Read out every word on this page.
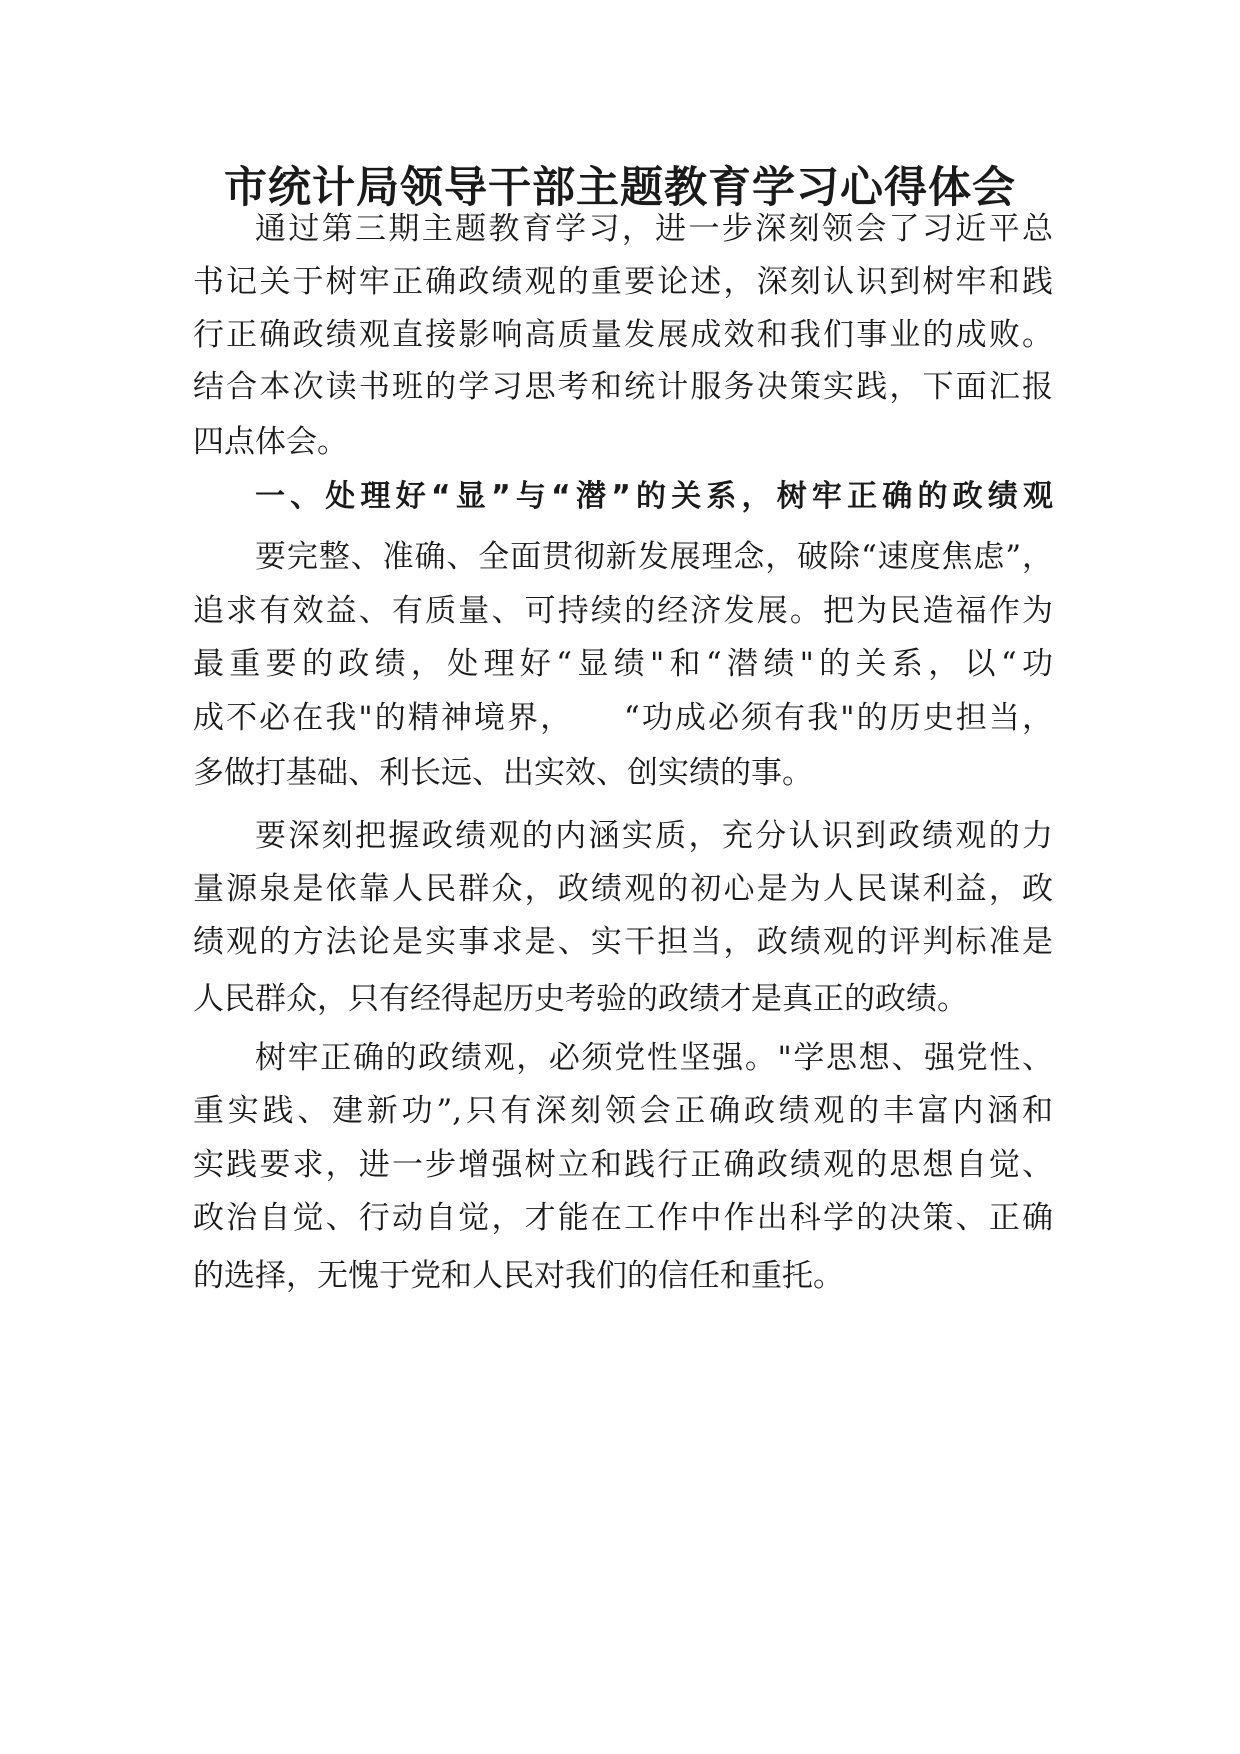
市统计局领导干部主题教育学习心得体会

通过第三期主题教育学习，进一步深刻领会了习近平总

书记关于树牢正确政绩观的重要论述，深刻认识到树牢和践

行正确政绩观直接影响高质量发展成效和我们事业的成败。

结合本次读书班的学习思考和统计服务决策实践，下面汇报

四点体会。

一、处理好“显”与“潜”的关系，树牢正确的政绩观

要完整、准确、全面贯彻新发展理念，破除“速度焦虑”，

追求有效益、有质量、可持续的经济发展。把为民造福作为

最重要的政绩，处理好“显绩"和“潜绩"的关系，以“功

成不必在我"的精神境界，　　“功成必须有我"的历史担当，

多做打基础、利长远、出实效、创实绩的事。

要深刻把握政绩观的内涵实质，充分认识到政绩观的力

量源泉是依靠人民群众，政绩观的初心是为人民谋利益，政

绩观的方法论是实事求是、实干担当，政绩观的评判标准是

人民群众，只有经得起历史考验的政绩才是真正的政绩。

树牢正确的政绩观，必须党性坚强。"学思想、强党性、

重实践、建新功”,只有深刻领会正确政绩观的丰富内涵和

实践要求，进一步增强树立和践行正确政绩观的思想自觉、

政治自觉、行动自觉，才能在工作中作出科学的决策、正确

的选择，无愧于党和人民对我们的信任和重托。
